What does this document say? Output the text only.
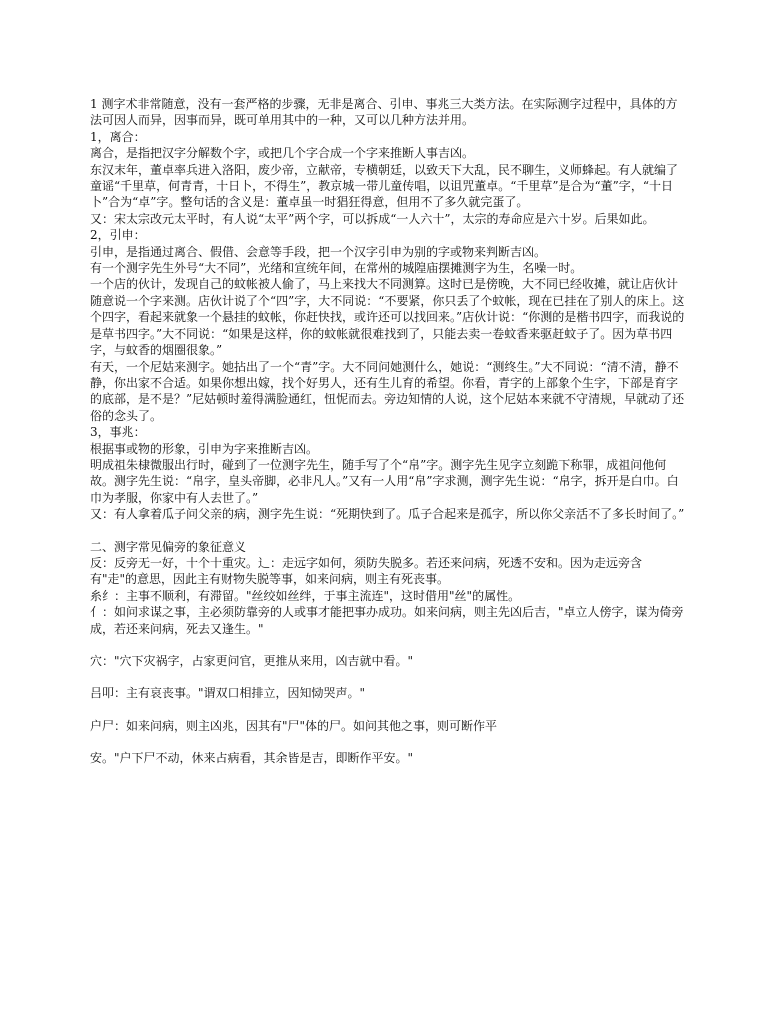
1 测字术非常随意，没有一套严格的步骤，无非是离合、引申、事兆三大类方法。在实际测字过程中，具体的方法可因人而异，因事而异，既可单用其中的一种，又可以几种方法并用。

1，离合：

离合，是指把汉字分解数个字，或把几个字合成一个字来推断人事吉凶。

东汉末年，董卓率兵进入洛阳，废少帝，立献帝，专横朝廷，以致天下大乱，民不聊生，义师蜂起。有人就编了童谣“千里草，何青青，十日卜，不得生”，教京城一带儿童传唱，以诅咒董卓。“千里草”是合为“董”字，“十日卜”合为“卓”字。整句话的含义是：董卓虽一时猖狂得意，但用不了多久就完蛋了。

又：宋太宗改元太平时，有人说“太平”两个字，可以拆成“一人六十”，太宗的寿命应是六十岁。后果如此。

2，引申：

引申，是指通过离合、假借、会意等手段，把一个汉字引申为别的字或物来判断吉凶。

有一个测字先生外号“大不同”，光绪和宣统年间，在常州的城隍庙摆摊测字为生，名噪一时。

一个店的伙计，发现自己的蚊帐被人偷了，马上来找大不同测算。这时已是傍晚，大不同已经收摊，就让店伙计随意说一个字来测。店伙计说了个“四”字，大不同说：“不要紧，你只丢了个蚊帐，现在已挂在了别人的床上。这个四字，看起来就象一个悬挂的蚊帐，你赶快找，或许还可以找回来。”店伙计说：“你测的是楷书四字，而我说的是草书四字。”大不同说：“如果是这样，你的蚊帐就很难找到了，只能去卖一卷蚊香来驱赶蚊子了。因为草书四字，与蚊香的烟圈很象。”

有天，一个尼姑来测字。她拈出了一个“青”字。大不同问她测什么，她说：“测终生。”大不同说：“清不清，静不静，你出家不合适。如果你想出嫁，找个好男人，还有生儿育的希望。你看，青字的上部象个生字，下部是育字的底部，是不是？”尼姑顿时羞得满脸通红，忸怩而去。旁边知情的人说，这个尼姑本来就不守清规，早就动了还俗的念头了。

3，事兆：

根据事或物的形象，引申为字来推断吉凶。

明成祖朱棣微服出行时，碰到了一位测字先生，随手写了个“帛”字。测字先生见字立刻跪下称罪，成祖问他何故。测字先生说：“帛字，皇头帝脚，必非凡人。”又有一人用“帛”字求测，测字先生说：“帛字，拆开是白巾。白巾为孝服，你家中有人去世了。”

又：有人拿着瓜子问父亲的病，测字先生说：“死期快到了。瓜子合起来是孤字，所以你父亲活不了多长时间了。”

二、测字常见偏旁的象征意义

反：反旁无一好，十个十重灾。辶：走远字如何，须防失脱多。若还来问病，死透不安和。因为走远旁含有"走"的意思，因此主有财物失脱等事，如来问病，则主有死丧事。

糸纟：主事不顺利，有滞留。"丝绞如丝绊，于事主流连"，这时借用"丝"的属性。

亻：如问求谋之事，主必须防靠旁的人或事才能把事办成功。如来问病，则主先凶后吉，"卓立人傍字，谋为倚旁成，若还来问病，死去又逢生。"

穴："穴下灾祸字，占家更问官，更推从来用，凶吉就中看。"

吕叩：主有哀丧事。"谓双口相排立，因知恸哭声。"

户尸：如来问病，则主凶兆，因其有"尸"体的尸。如问其他之事，则可断作平

安。"户下尸不动，休来占病看，其余皆是吉，即断作平安。"
